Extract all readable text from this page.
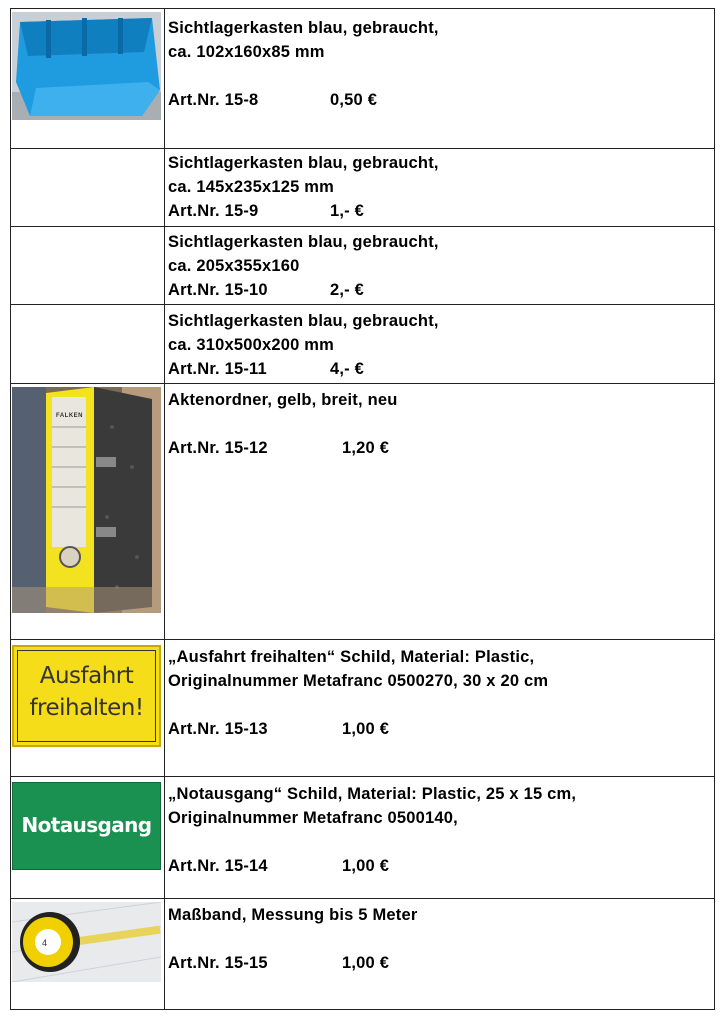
FALKEN
Ausfahrt
freihalten!
Notausgang
4
Sichtlagerkasten blau, gebraucht,
ca. 102x160x85 mm

Art.Nr. 15-8	0,50 €
Sichtlagerkasten blau, gebraucht,
ca. 145x235x125 mm
Art.Nr. 15-9	1,- €
Sichtlagerkasten blau, gebraucht,
ca. 205x355x160
Art.Nr. 15-10	2,- €
Sichtlagerkasten blau, gebraucht,
ca. 310x500x200 mm
Art.Nr. 15-11	4,- €
Aktenordner, gelb, breit, neu

Art.Nr. 15-12	1,20 €
„Ausfahrt freihalten“ Schild, Material: Plastic,
Originalnummer Metafranc 0500270, 30 x 20 cm

Art.Nr. 15-13	1,00 €
„Notausgang“ Schild, Material: Plastic, 25 x 15 cm,
Originalnummer Metafranc 0500140,

Art.Nr. 15-14	1,00 €
Maßband, Messung bis 5 Meter

Art.Nr. 15-15	1,00 €
